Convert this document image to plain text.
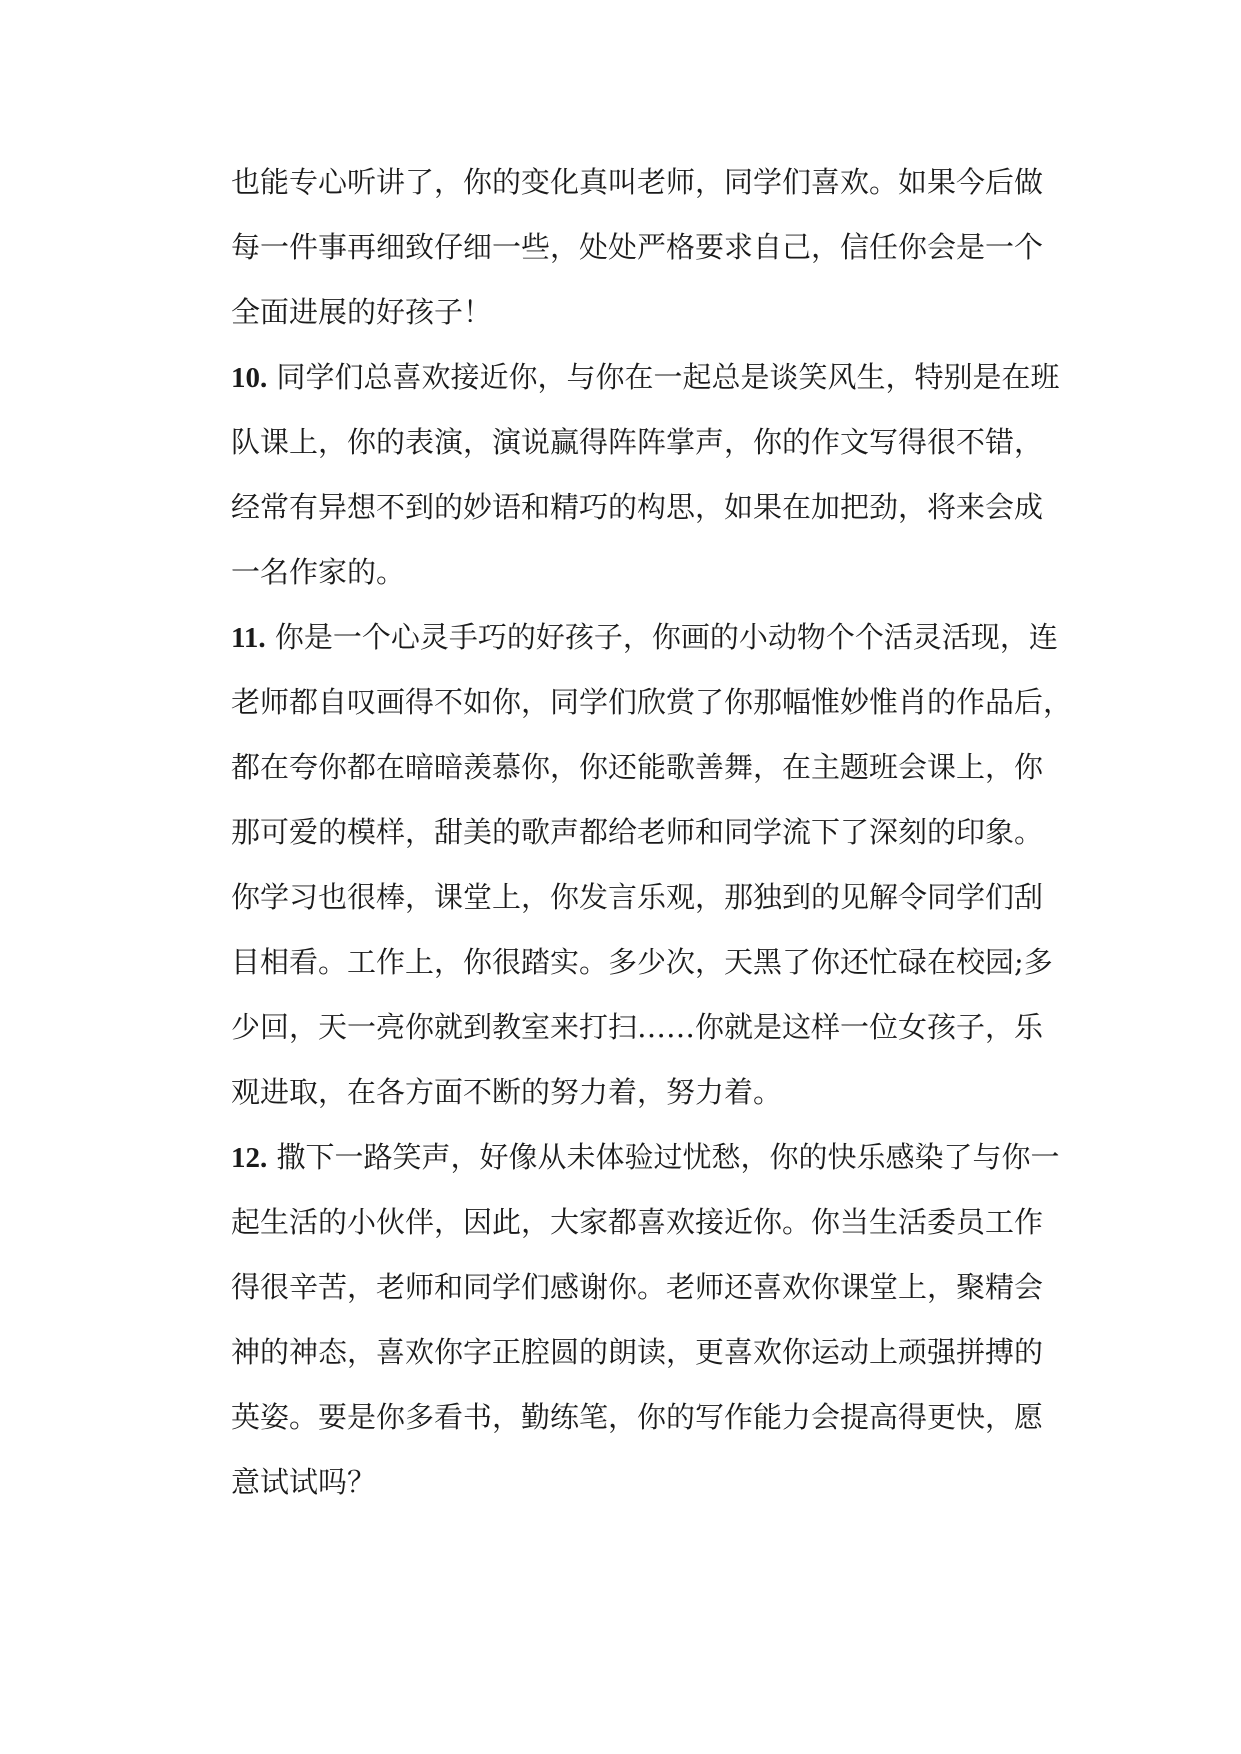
也能专心听讲了，你的变化真叫老师，同学们喜欢。如果今后做
每一件事再细致仔细一些，处处严格要求自己，信任你会是一个
全面进展的好孩子！
10. 同学们总喜欢接近你，与你在一起总是谈笑风生，特别是在班
队课上，你的表演，演说赢得阵阵掌声，你的作文写得很不错，
经常有异想不到的妙语和精巧的构思，如果在加把劲，将来会成
一名作家的。
11. 你是一个心灵手巧的好孩子，你画的小动物个个活灵活现，连
老师都自叹画得不如你，同学们欣赏了你那幅惟妙惟肖的作品后，
都在夸你都在暗暗羡慕你，你还能歌善舞，在主题班会课上，你
那可爱的模样，甜美的歌声都给老师和同学流下了深刻的印象。
你学习也很棒，课堂上，你发言乐观，那独到的见解令同学们刮
目相看。工作上，你很踏实。多少次，天黑了你还忙碌在校园;多
少回，天一亮你就到教室来打扫……你就是这样一位女孩子，乐
观进取，在各方面不断的努力着，努力着。
12. 撒下一路笑声，好像从未体验过忧愁，你的快乐感染了与你一
起生活的小伙伴，因此，大家都喜欢接近你。你当生活委员工作
得很辛苦，老师和同学们感谢你。老师还喜欢你课堂上，聚精会
神的神态，喜欢你字正腔圆的朗读，更喜欢你运动上顽强拼搏的
英姿。要是你多看书，勤练笔，你的写作能力会提高得更快，愿
意试试吗？
